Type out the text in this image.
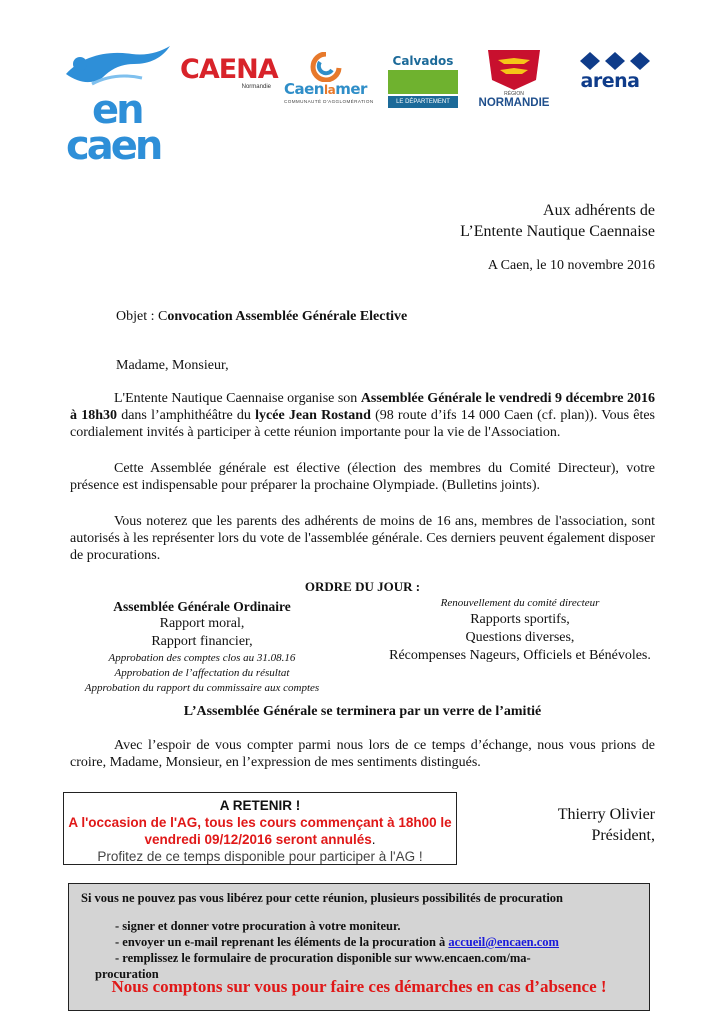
en
caen
CAENA
Normandie Caenlamer
COMMUNAUTÉ D'AGGLOMÉRATION
Calvados
LE DÉPARTEMENT
RÉGION
NORMANDIE
arena
Aux adhérents de
L’Entente Nautique Caennaise
A Caen, le 10 novembre 2016
Objet : Convocation Assemblée Générale Elective
Madame, Monsieur,
L'Entente Nautique Caennaise organise son Assemblée Générale le vendredi 9 décembre 2016 à 18h30 dans l’amphithéâtre du lycée Jean Rostand (98 route d’ifs 14 000 Caen (cf. plan)). Vous êtes cordialement invités à participer à cette réunion importante pour la vie de l'Association.
Cette Assemblée générale est élective (élection des membres du Comité Directeur), votre présence est indispensable pour préparer la prochaine Olympiade. (Bulletins joints).
Vous noterez que les parents des adhérents de moins de 16 ans, membres de l'association, sont autorisés à les représenter lors du vote de l'assemblée générale. Ces derniers peuvent également disposer de procurations.
ORDRE DU JOUR :
Assemblée Générale Ordinaire
Rapport moral,
Rapport financier,
Approbation des comptes clos au 31.08.16
Approbation de l’affectation du résultat
Approbation du rapport du commissaire aux comptes
Renouvellement du comité directeur
Rapports sportifs,
Questions diverses,
Récompenses Nageurs, Officiels et Bénévoles.
L’Assemblée Générale se terminera par un verre de l’amitié
Avec l’espoir de vous compter parmi nous lors de ce temps d’échange, nous vous prions de croire, Madame, Monsieur, en l’expression de mes sentiments distingués.
A RETENIR !
A l'occasion de l'AG, tous les cours commençant à 18h00 le vendredi 09/12/2016 seront annulés.
Profitez de ce temps disponible pour participer à l'AG !
Thierry Olivier
Président,
Si vous ne pouvez pas vous libérez pour cette réunion, plusieurs possibilités de procuration
- signer et donner votre procuration à votre moniteur.
- envoyer un e-mail reprenant les éléments de la procuration à accueil@encaen.com
- remplissez le formulaire de procuration disponible sur www.encaen.com/ma-
procuration
Nous comptons sur vous pour faire ces démarches en cas d’absence !
